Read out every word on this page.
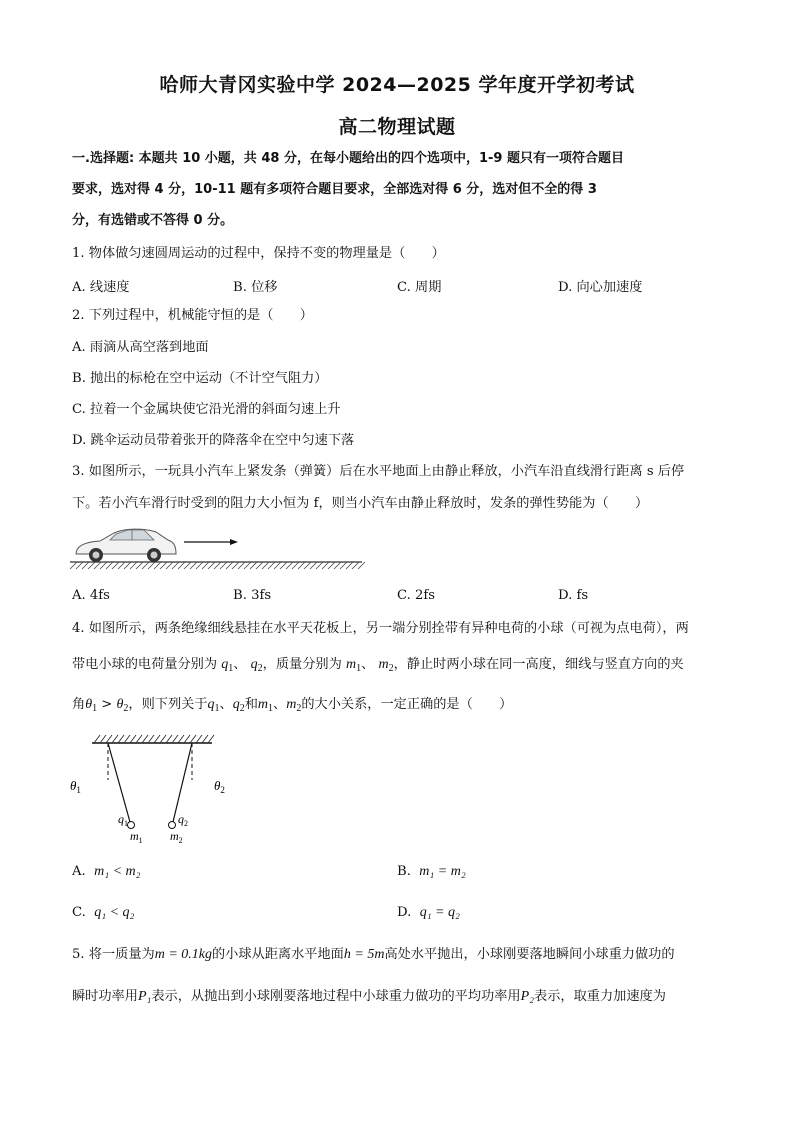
哈师大青冈实验中学 2024—2025 学年度开学初考试
高二物理试题
一.选择题: 本题共 10 小题，共 48 分，在每小题给出的四个选项中，1-9 题只有一项符合题目
要求，选对得 4 分，10-11 题有多项符合题目要求，全部选对得 6 分，选对但不全的得 3
分，有选错或不答得 0 分。
1. 物体做匀速圆周运动的过程中，保持不变的物理量是（　　）
A. 线速度	B. 位移	C. 周期	D. 向心加速度
2. 下列过程中，机械能守恒的是（　　）
A. 雨滴从高空落到地面
B. 抛出的标枪在空中运动（不计空气阻力）
C. 拉着一个金属块使它沿光滑的斜面匀速上升
D. 跳伞运动员带着张开的降落伞在空中匀速下落
3. 如图所示，一玩具小汽车上紧发条（弹簧）后在水平地面上由静止释放，小汽车沿直线滑行距离 s 后停
下。若小汽车滑行时受到的阻力大小恒为 f，则当小汽车由静止释放时，发条的弹性势能为（　　）
A. 4fs	B. 3fs	C. 2fs	D. fs
4. 如图所示，两条绝缘细线悬挂在水平天花板上，另一端分别拴带有异种电荷的小球（可视为点电荷），两
带电小球的电荷量分别为 $q_1$、 $q_2$，质量分别为 $m_1$、 $m_2$，静止时两小球在同一高度，细线与竖直方向的夹
角$\theta_1 > \theta_2$，则下列关于$q_1$、$q_2$和$m_1$、$m_2$的大小关系，一定正确的是（　　）
$\theta_1$	$\theta_2$
$q_1$	$q_2$
$m_1$ $m_2$
A. m₁ < m₂	B. m₁ = m₂
C. q₁ < q₂	D. q₁ = q₂
5. 将一质量为m = 0.1kg的小球从距离水平地面h = 5m高处水平抛出，小球刚要落地瞬间小球重力做功的
瞬时功率用P₁表示，从抛出到小球刚要落地过程中小球重力做功的平均功率用P₂表示，取重力加速度为
